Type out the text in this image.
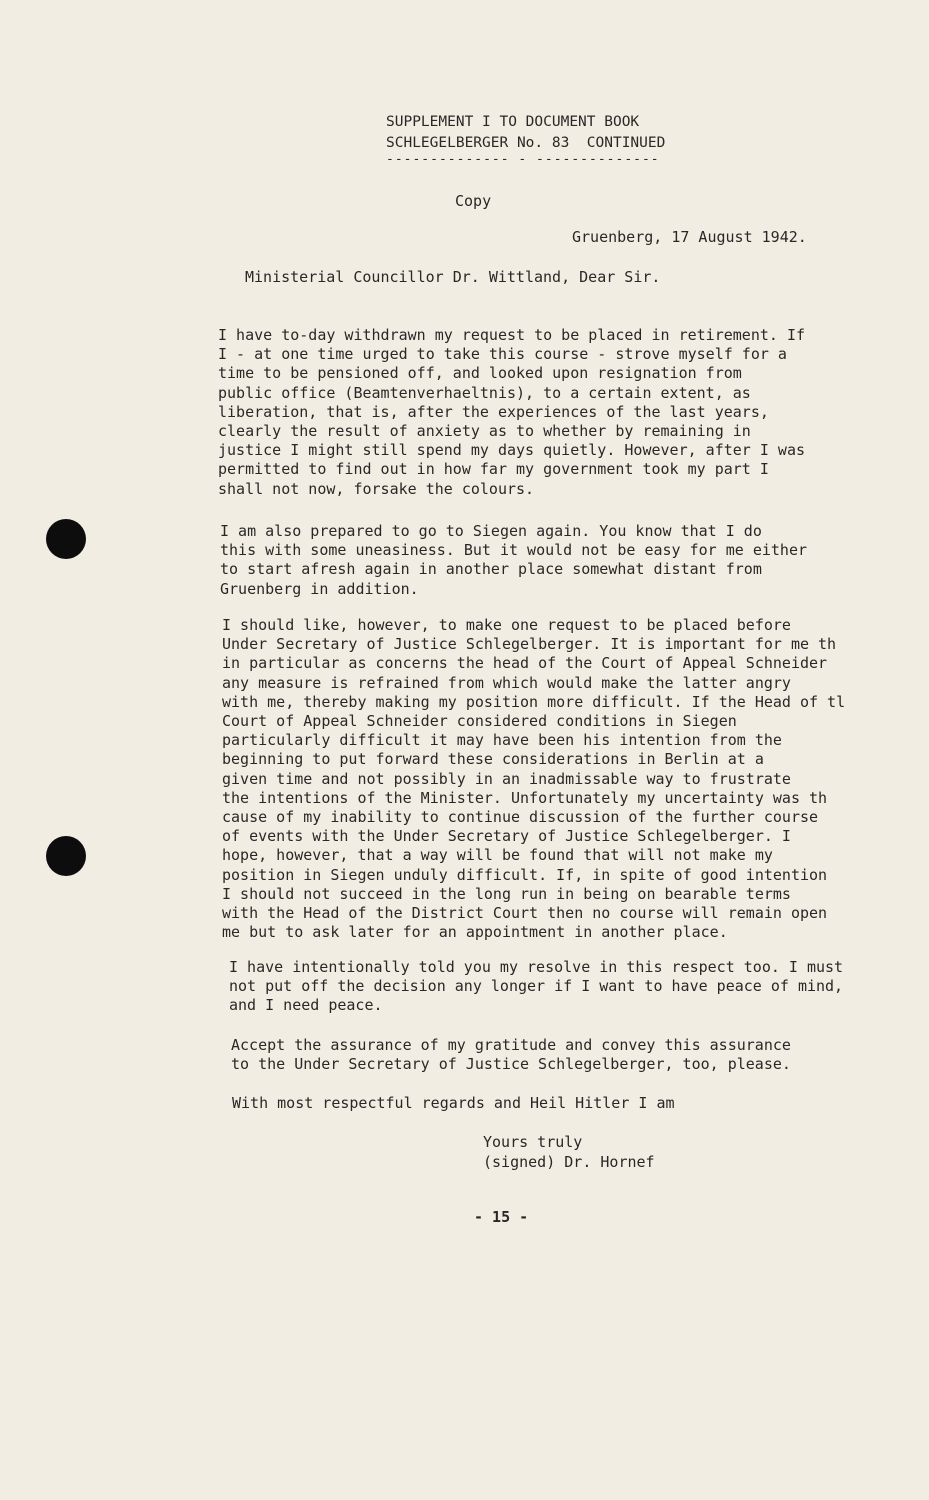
SUPPLEMENT I TO DOCUMENT BOOK
SCHLEGELBERGER No. 83  CONTINUED
-------------- - --------------
Copy
Gruenberg, 17 August 1942.
Ministerial Councillor Dr. Wittland, Dear Sir.

I have to-day withdrawn my request to be placed in retirement. If

I - at one time urged to take this course - strove myself for a

time to be pensioned off, and looked upon resignation from

public office (Beamtenverhaeltnis), to a certain extent, as

liberation, that is, after the experiences of the last years,

clearly the result of anxiety as to whether by remaining in

justice I might still spend my days quietly. However, after I was

permitted to find out in how far my government took my part I

shall not now, forsake the colours.

I am also prepared to go to Siegen again. You know that I do

this with some uneasiness. But it would not be easy for me either

to start afresh again in another place somewhat distant from

Gruenberg in addition.

I should like, however, to make one request to be placed before

Under Secretary of Justice Schlegelberger. It is important for me th

in particular as concerns the head of the Court of Appeal Schneider

any measure is refrained from which would make the latter angry

with me, thereby making my position more difficult. If the Head of tl

Court of Appeal Schneider considered conditions in Siegen

particularly difficult it may have been his intention from the

beginning to put forward these considerations in Berlin at a

given time and not possibly in an inadmissable way to frustrate

the intentions of the Minister. Unfortunately my uncertainty was th

cause of my inability to continue discussion of the further course

of events with the Under Secretary of Justice Schlegelberger. I

hope, however, that a way will be found that will not make my

position in Siegen unduly difficult. If, in spite of good intention

I should not succeed in the long run in being on bearable terms

with the Head of the District Court then no course will remain open

me but to ask later for an appointment in another place.

I have intentionally told you my resolve in this respect too. I must

not put off the decision any longer if I want to have peace of mind,

and I need peace.

Accept the assurance of my gratitude and convey this assurance

to the Under Secretary of Justice Schlegelberger, too, please.

With most respectful regards and Heil Hitler I am

Yours truly

(signed) Dr. Hornef

- 15 -
